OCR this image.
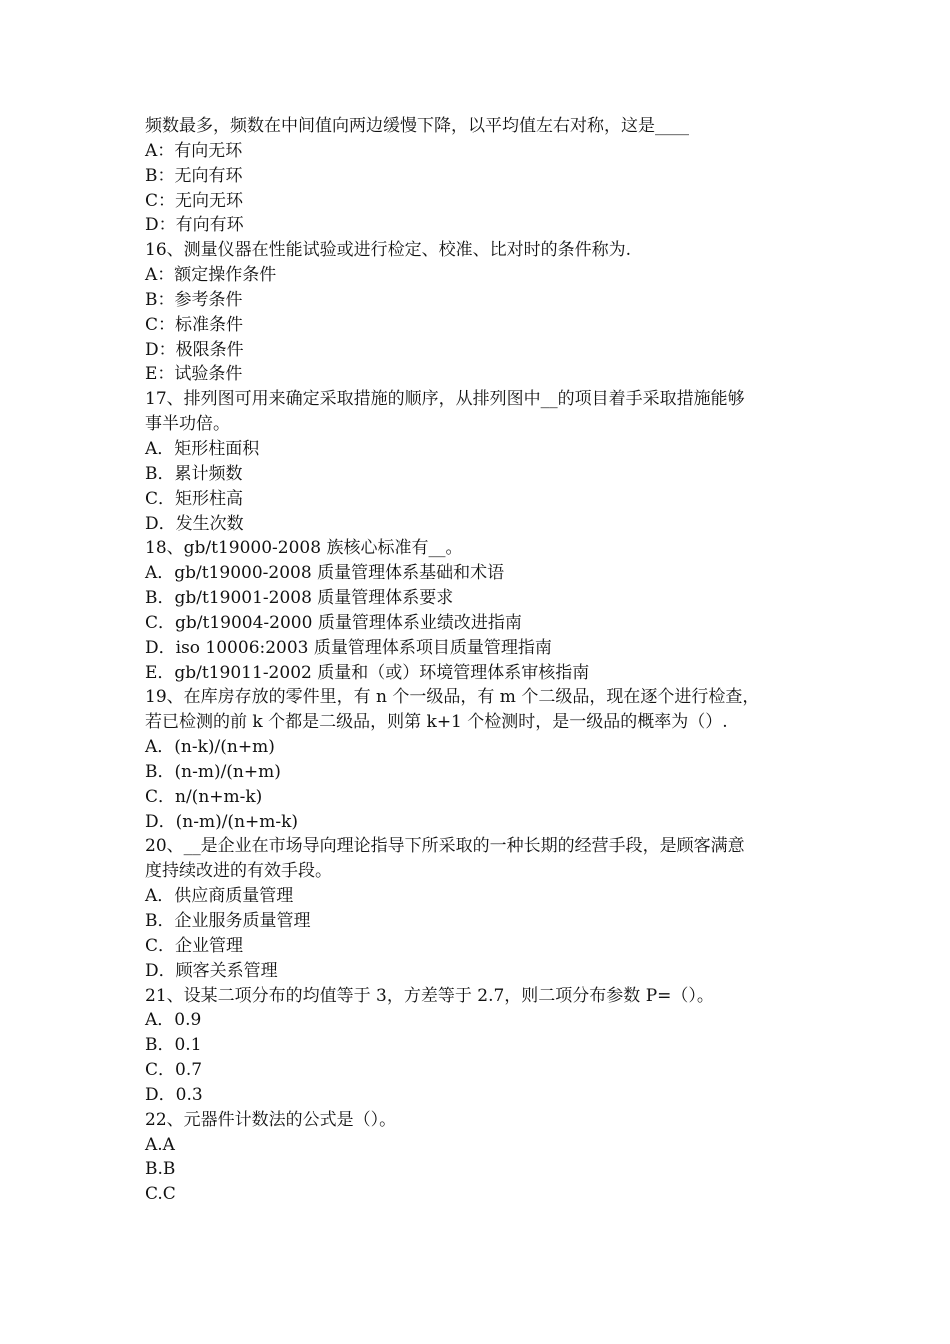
频数最多，频数在中间值向两边缓慢下降，以平均值左右对称，这是____
A：有向无环
B：无向有环
C：无向无环
D：有向有环
16、测量仪器在性能试验或进行检定、校准、比对时的条件称为.
A：额定操作条件
B：参考条件
C：标准条件
D：极限条件
E：试验条件
17、排列图可用来确定采取措施的顺序，从排列图中__的项目着手采取措施能够
事半功倍。
A．矩形柱面积
B．累计频数
C．矩形柱高
D．发生次数
18、gb/t19000-2008 族核心标准有__。
A．gb/t19000-2008 质量管理体系基础和术语
B．gb/t19001-2008 质量管理体系要求
C．gb/t19004-2000 质量管理体系业绩改进指南
D．iso 10006:2003 质量管理体系项目质量管理指南
E．gb/t19011-2002 质量和（或）环境管理体系审核指南
19、在库房存放的零件里，有 n 个一级品，有 m 个二级品，现在逐个进行检查，
若已检测的前 k 个都是二级品，则第 k+1 个检测时，是一级品的概率为（）.
A．(n-k)/(n+m)
B．(n-m)/(n+m)
C．n/(n+m-k)
D．(n-m)/(n+m-k)
20、__是企业在市场导向理论指导下所采取的一种长期的经营手段，是顾客满意
度持续改进的有效手段。
A．供应商质量管理
B．企业服务质量管理
C．企业管理
D．顾客关系管理
21、设某二项分布的均值等于 3，方差等于 2.7，则二项分布参数 P=（）。
A．0.9
B．0.1
C．0.7
D．0.3
22、元器件计数法的公式是（）。
A.A
B.B
C.C
